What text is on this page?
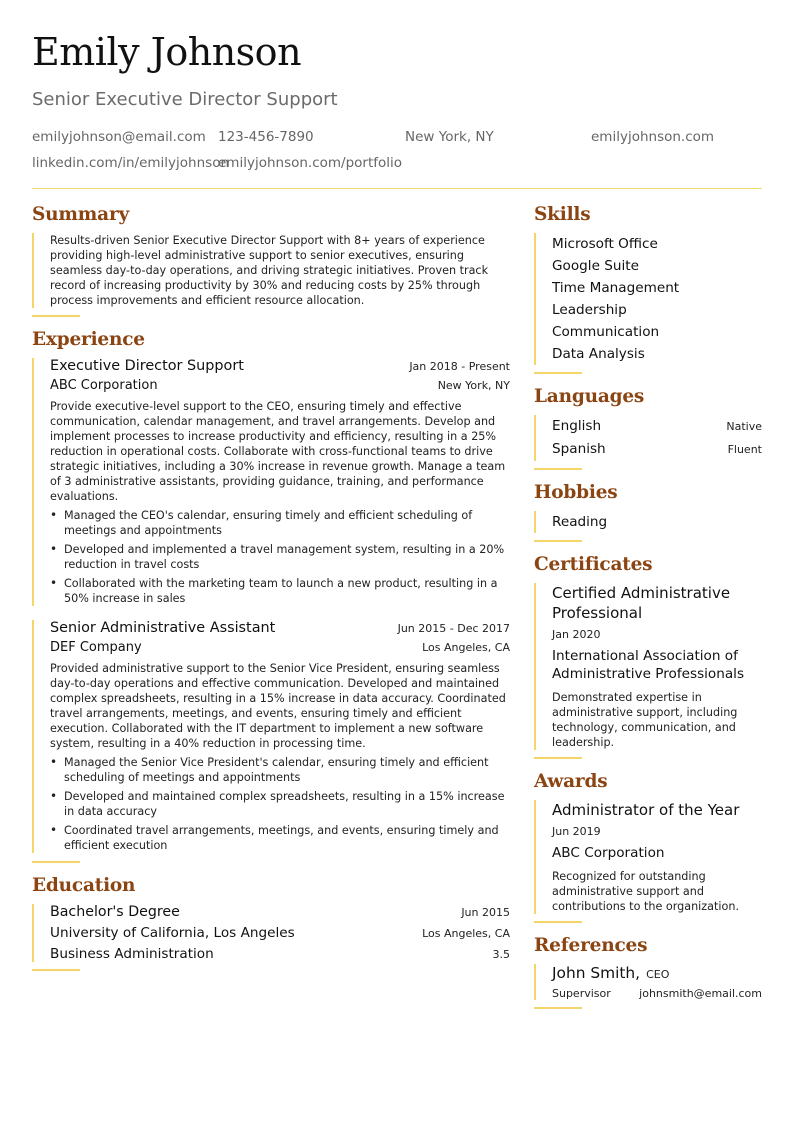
Emily Johnson
Senior Executive Director Support
emilyjohnson@email.com 123-456-7890	New York, NY	emilyjohnson.com
linkedin.com/in/emilyjohnson
emilyjohnson.com/portfolio
Summary

Results-driven Senior Executive Director Support with 8+ years of experience providing high-level administrative support to senior executives, ensuring seamless day-to-day operations, and driving strategic initiatives. Proven track record of increasing productivity by 30% and reducing costs by 25% through process improvements and efficient resource allocation.

Experience
Executive Director Support	Jan 2018 - Present
ABC Corporation	New York, NY

Provide executive-level support to the CEO, ensuring timely and effective communication, calendar management, and travel arrangements. Develop and implement processes to increase productivity and efficiency, resulting in a 25% reduction in operational costs. Collaborate with cross-functional teams to drive strategic initiatives, including a 30% increase in revenue growth. Manage a team of 3 administrative assistants, providing guidance, training, and performance evaluations.

• Managed the CEO's calendar, ensuring timely and efficient scheduling of meetings and appointments
• Developed and implemented a travel management system, resulting in a 20% reduction in travel costs
• Collaborated with the marketing team to launch a new product, resulting in a 50% increase in sales
Senior Administrative Assistant	Jun 2015 - Dec 2017
DEF Company	Los Angeles, CA

Provided administrative support to the Senior Vice President, ensuring seamless day-to-day operations and effective communication. Developed and maintained complex spreadsheets, resulting in a 15% increase in data accuracy. Coordinated travel arrangements, meetings, and events, ensuring timely and efficient execution. Collaborated with the IT department to implement a new software system, resulting in a 40% reduction in processing time.

• Managed the Senior Vice President's calendar, ensuring timely and efficient scheduling of meetings and appointments
• Developed and maintained complex spreadsheets, resulting in a 15% increase in data accuracy
• Coordinated travel arrangements, meetings, and events, ensuring timely and efficient execution
Education
Bachelor's Degree	Jun 2015
University of California, Los Angeles	Los Angeles, CA
Business Administration	3.5
Skills
Microsoft Office
Google Suite
Time Management
Leadership
Communication
Data Analysis
Languages
English	Native
Spanish	Fluent
Hobbies
Reading
Certificates
Certified Administrative Professional
Jan 2020
International Association of Administrative Professionals
Demonstrated expertise in administrative support, including technology, communication, and leadership.
Awards
Administrator of the Year
Jun 2019
ABC Corporation
Recognized for outstanding administrative support and contributions to the organization.
References
John Smith, CEO
Supervisor	johnsmith@email.com
